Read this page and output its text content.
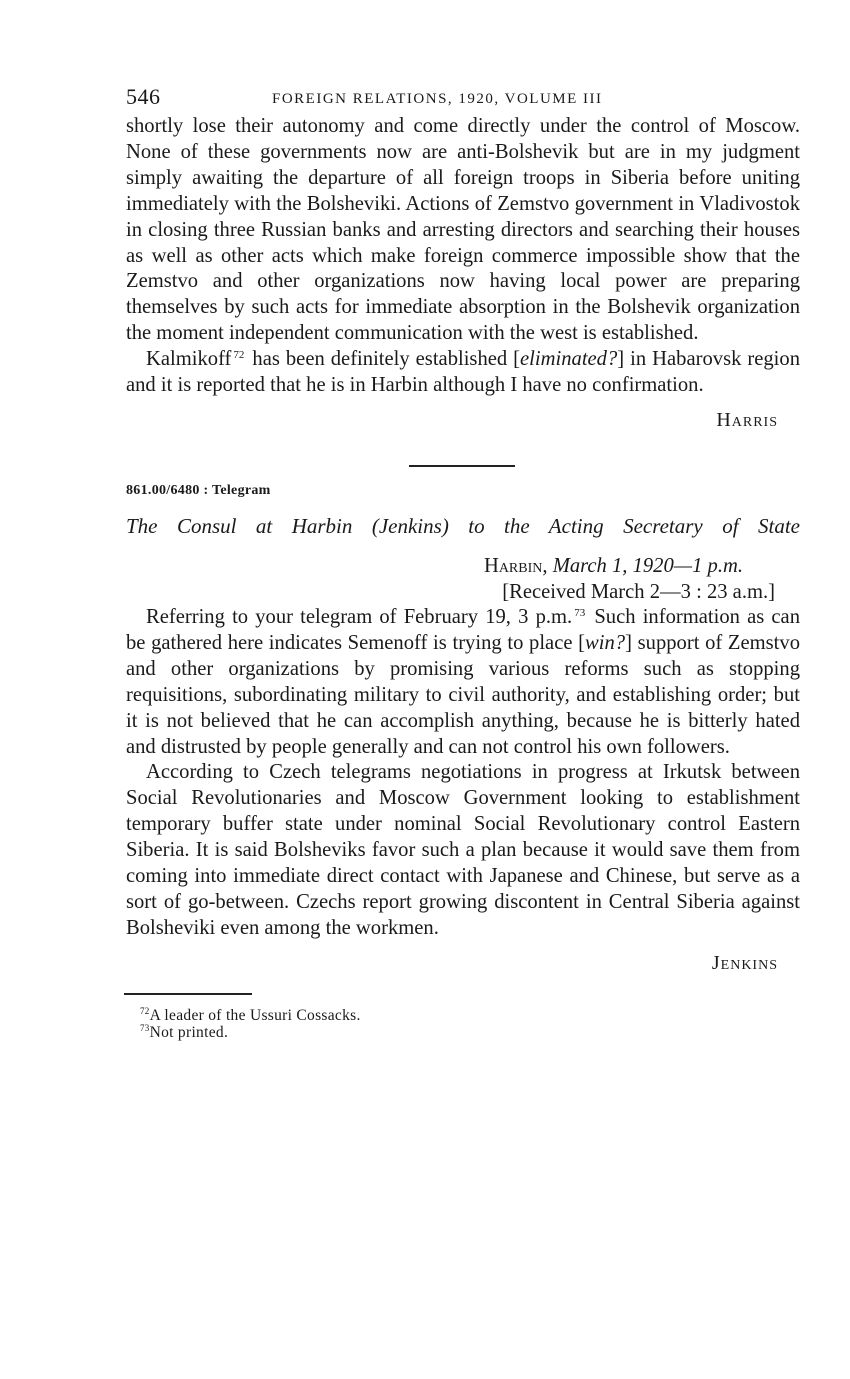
546	FOREIGN RELATIONS, 1920, VOLUME III

shortly lose their autonomy and come directly under the control of Moscow. None of these governments now are anti-Bolshevik but are in my judgment simply awaiting the departure of all foreign troops in Siberia before uniting immediately with the Bolsheviki. Actions of Zemstvo government in Vladivostok in closing three Russian banks and arresting directors and searching their houses as well as other acts which make foreign commerce impossible show that the Zemstvo and other organizations now having local power are preparing themselves by such acts for immediate absorption in the Bolshevik organization the moment independent communication with the west is established.

Kalmikoff $^{72}$ has been definitely established [eliminated?] in Habarovsk region and it is reported that he is in Harbin although I have no confirmation.

Harris
861.00/6480 : Telegram
The Consul at Harbin (Jenkins) to the Acting Secretary of State
Harbin, March 1, 1920—1 p.m.
[Received March 2—3 : 23 a.m.]

Referring to your telegram of February 19, 3 p.m. $^{73}$ Such information as can be gathered here indicates Semenoff is trying to place [win?] support of Zemstvo and other organizations by promising various reforms such as stopping requisitions, subordinating military to civil authority, and establishing order; but it is not believed that he can accomplish anything, because he is bitterly hated and distrusted by people generally and can not control his own followers.

According to Czech telegrams negotiations in progress at Irkutsk between Social Revolutionaries and Moscow Government looking to establishment temporary buffer state under nominal Social Revolutionary control Eastern Siberia. It is said Bolsheviks favor such a plan because it would save them from coming into immediate direct contact with Japanese and Chinese, but serve as a sort of go-between. Czechs report growing discontent in Central Siberia against Bolsheviki even among the workmen.

Jenkins
$^{72}$A leader of the Ussuri Cossacks.
$^{73}$Not printed.
